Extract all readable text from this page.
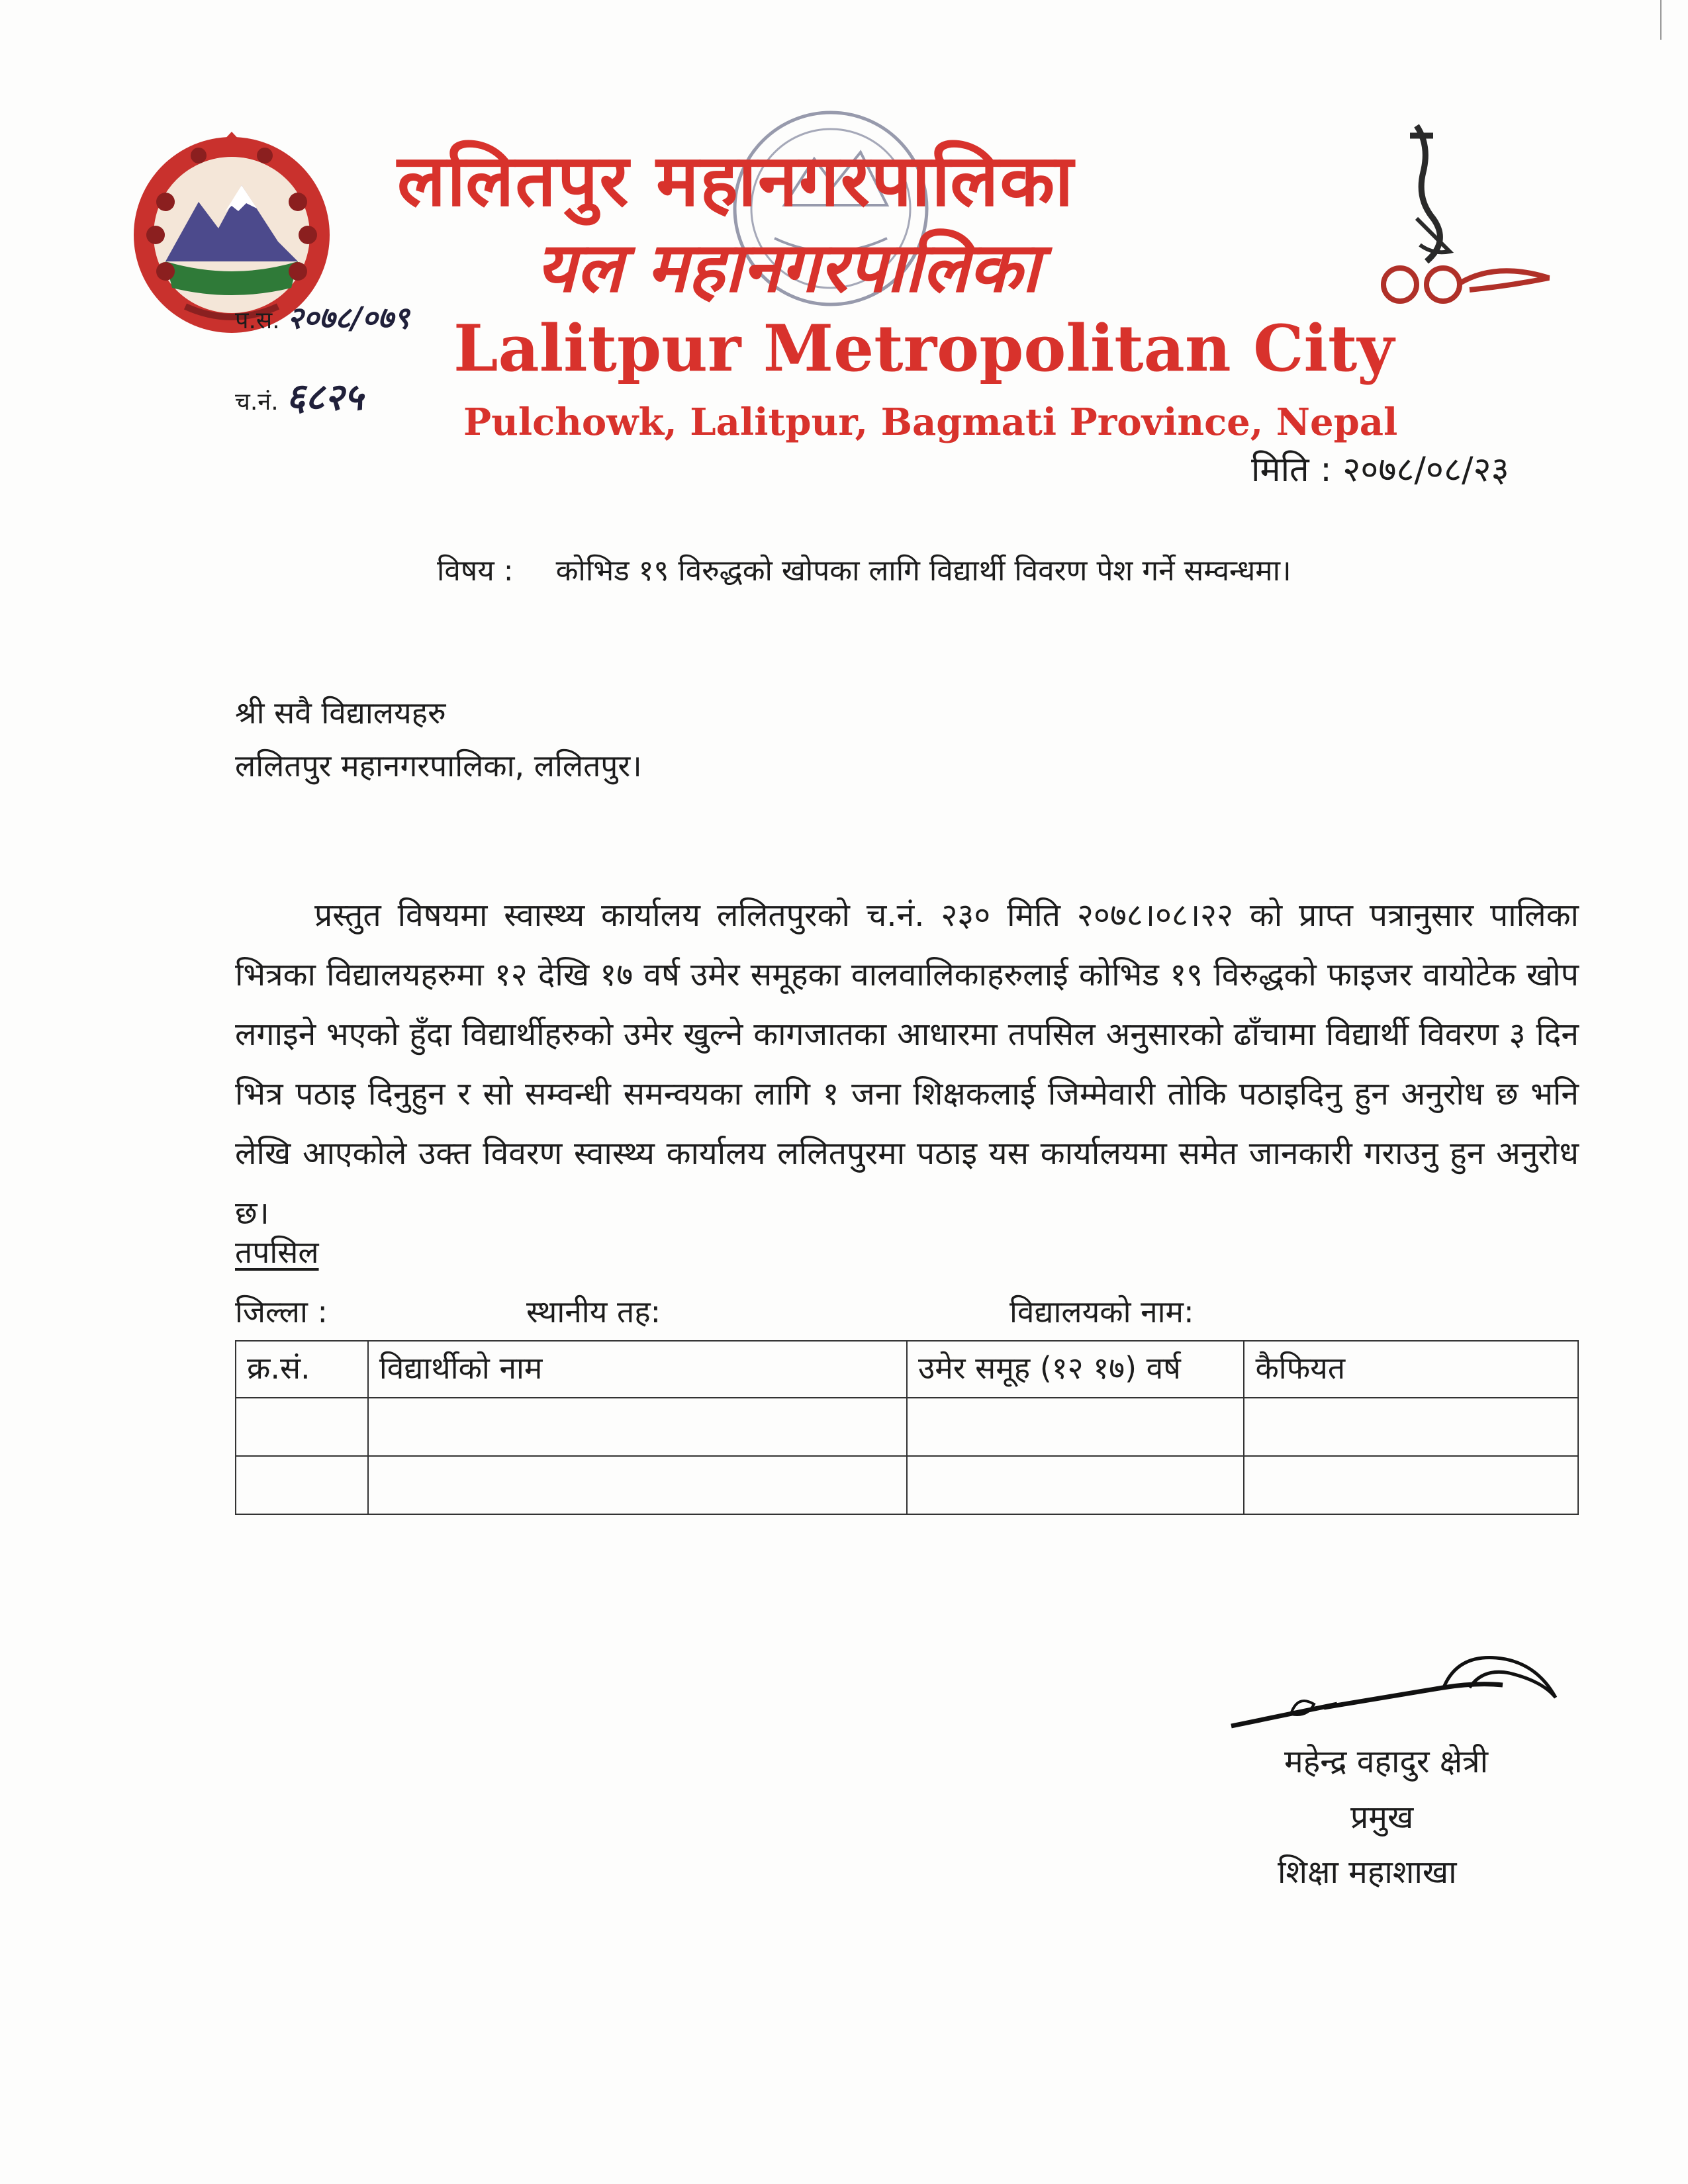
ललितपुर महानगरपालिका
यल महानगरपालिका
Lalitpur Metropolitan City
Pulchowk, Lalitpur, Bagmati Province, Nepal
प.स. २०७८/०७९
च.नं. ६८२५
मिति : २०७८/०८/२३
विषय : कोभिड १९ विरुद्धको खोपका लागि विद्यार्थी विवरण पेश गर्ने सम्वन्धमा।
श्री सवै विद्यालयहरु
ललितपुर महानगरपालिका, ललितपुर।

प्रस्तुत विषयमा स्वास्थ्य कार्यालय ललितपुरको च.नं. २३० मिति २०७८।०८।२२ को प्राप्त पत्रानुसार पालिका भित्रका विद्यालयहरुमा १२ देखि १७ वर्ष उमेर समूहका वालवालिकाहरुलाई कोभिड १९ विरुद्धको फाइजर वायोटेक खोप लगाइने भएको हुँदा विद्यार्थीहरुको उमेर खुल्ने कागजातका आधारमा तपसिल अनुसारको ढाँचामा विद्यार्थी विवरण ३ दिन भित्र पठाइ दिनुहुन र सो सम्वन्धी समन्वयका लागि १ जना शिक्षकलाई जिम्मेवारी तोकि पठाइदिनु हुन अनुरोध छ भनि लेखि आएकोले उक्त विवरण स्वास्थ्य कार्यालय ललितपुरमा पठाइ यस कार्यालयमा समेत जानकारी गराउनु हुन अनुरोध छ।

तपसिल
जिल्ला :	स्थानीय तह:	विद्यालयको नाम:
क्र.सं.	विद्यार्थीको नाम	उमेर समूह (१२ १७) वर्ष	कैफियत

महेन्द्र वहादुर क्षेत्री
प्रमुख
शिक्षा महाशाखा
